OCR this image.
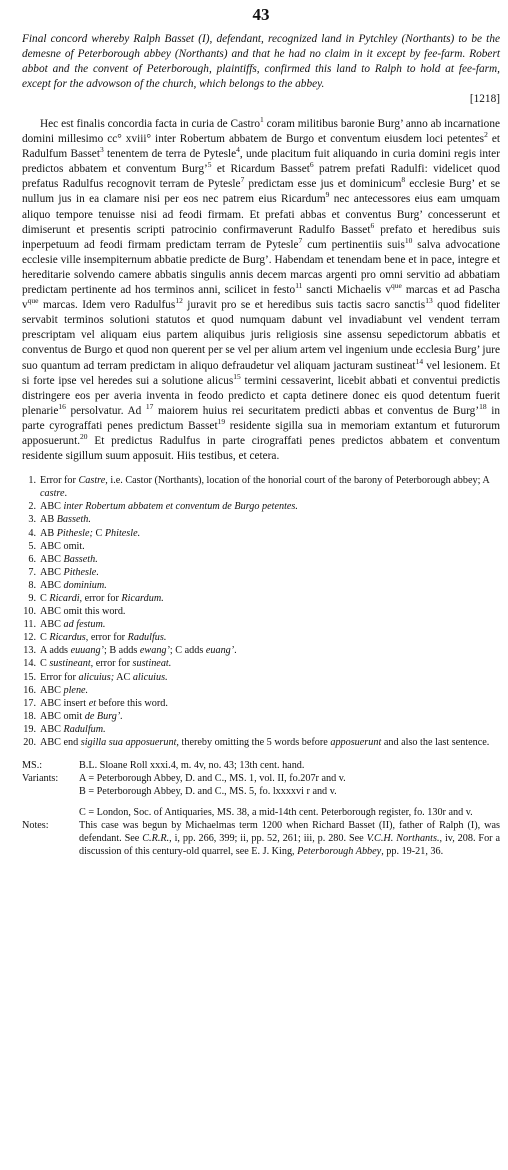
43

Final concord whereby Ralph Basset (I), defendant, recognized land in Pytchley (Northants) to be the demesne of Peterborough abbey (Northants) and that he had no claim in it except by fee-farm. Robert abbot and the convent of Peterborough, plaintiffs, confirmed this land to Ralph to hold at fee-farm, except for the advowson of the church, which belongs to the abbey.

[1218]

Hec est finalis concordia facta in curia de Castro$^1$ coram militibus baronie Burg’ anno ab incarnatione domini millesimo cc° xviii° inter Robertum abbatem de Burgo et conventum eiusdem loci petentes$^2$ et Radulfum Basset$^3$ tenentem de terra de Pytesle$^4$, unde placitum fuit aliquando in curia domini regis inter predictos abbatem et conventum Burg’$^5$ et Ricardum Basset$^6$ patrem prefati Radulfi: videlicet quod prefatus Radulfus recognovit terram de Pytesle$^7$ predictam esse jus et dominicum$^8$ ecclesie Burg’ et se nullum jus in ea clamare nisi per eos nec patrem eius Ricardum$^9$ nec antecessores eius eam umquam aliquo tempore tenuisse nisi ad feodi firmam. Et prefati abbas et conventus Burg’ concesserunt et dimiserunt et presentis scripti patrocinio confirmaverunt Radulfo Basset$^6$ prefato et heredibus suis inperpetuum ad feodi firmam predictam terram de Pytesle$^7$ cum pertinentiis suis$^{10}$ salva advocatione ecclesie ville insempiternum abbatie predicte de Burg’. Habendam et tenendam bene et in pace, integre et hereditarie solvendo camere abbatis singulis annis decem marcas argenti pro omni servitio ad abbatiam predictam pertinente ad hos terminos anni, scilicet in festo$^{11}$ sancti Michaelis $v^{que}$ marcas et ad Pascha $v^{que}$ marcas. Idem vero Radulfus$^{12}$ juravit pro se et heredibus suis tactis sacro sanctis$^{13}$ quod fideliter servabit terminos solutioni statutos et quod numquam dabunt vel invadiabunt vel vendent terram prescriptam vel aliquam eius partem aliquibus juris religiosis sine assensu sepedictorum abbatis et conventus de Burgo et quod non querent per se vel per alium artem vel ingenium unde ecclesia Burg’ jure suo quantum ad terram predictam in aliquo defraudetur vel aliquam jacturam sustineat$^{14}$ vel lesionem. Et si forte ipse vel heredes sui a solutione alicus$^{15}$ termini cessaverint, licebit abbati et conventui predictis distringere eos per averia inventa in feodo predicto et capta detinere donec eis quod detentum fuerit plenarie$^{16}$ persolvatur. Ad $^{17}$ maiorem huius rei securitatem predicti abbas et conventus de Burg’$^{18}$ in parte cyrograffati penes predictum Basset$^{19}$ residente sigilla sua in memoriam extantum et futurorum apposuerunt.$^{20}$ Et predictus Radulfus in parte cirograffati penes predictos abbatem et conventum residente sigillum suum apposuit. Hiis testibus, et cetera.

1. Error for Castre, i.e. Castor (Northants), location of the honorial court of the barony of Peterborough abbey; A castre.
2. ABC inter Robertum abbatem et conventum de Burgo petentes.
3. AB Basseth.
4. AB Pithesle; C Phitesle.
5. ABC omit.
6. ABC Basseth.
7. ABC Pithesle.
8. ABC dominium.
9. C Ricardi, error for Ricardum.
10. ABC omit this word.
11. ABC ad festum.
12. C Ricardus, error for Radulfus.
13. A adds euuang’; B adds ewang’; C adds euang’.
14. C sustineant, error for sustineat.
15. Error for alicuius; AC alicuius.
16. ABC plene.
17. ABC insert et before this word.
18. ABC omit de Burg’.
19. ABC Radulfum.
20. ABC end sigilla sua apposuerunt, thereby omitting the 5 words before apposuerunt and also the last sentence.
MS.:	B.L. Sloane Roll xxxi.4, m. 4v, no. 43; 13th cent. hand.
Variants:	A = Peterborough Abbey, D. and C., MS. 1, vol. II, fo.207r and v.
B = Peterborough Abbey, D. and C., MS. 5, fo. lxxxxvi r and v.
C = London, Soc. of Antiquaries, MS. 38, a mid-14th cent. Peterborough register, fo. 130r and v.
Notes:	This case was begun by Michaelmas term 1200 when Richard Basset (II), father of Ralph (I), was defendant. See C.R.R., i, pp. 266, 399; ii, pp. 52, 261; iii, p. 280. See V.C.H. Northants., iv, 208. For a discussion of this century-old quarrel, see E. J. King, Peterborough Abbey, pp. 19-21, 36.
